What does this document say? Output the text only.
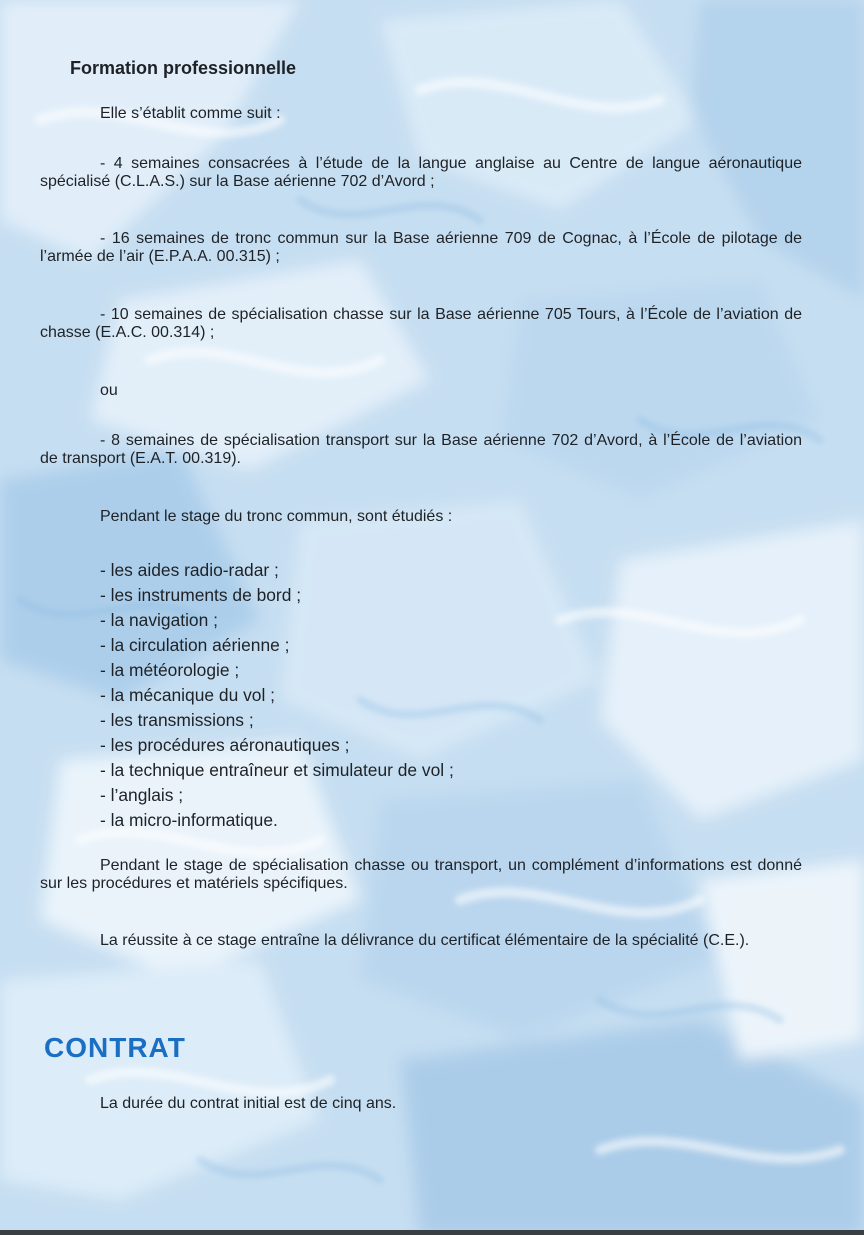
Formation professionnelle

Elle s’établit comme suit :

- 4 semaines consacrées à l’étude de la langue anglaise au Centre de langue aéronautique spécialisé (C.L.A.S.) sur la Base aérienne 702 d’Avord ;

- 16 semaines de tronc commun sur la Base aérienne 709 de Cognac, à l’École de pilotage de l’armée de l’air (E.P.A.A. 00.315) ;

- 10 semaines de spécialisation chasse sur la Base aérienne 705 Tours, à l’École de l’aviation de chasse (E.A.C. 00.314) ;

ou

- 8 semaines de spécialisation transport sur la Base aérienne 702 d’Avord, à l’École de l’aviation de transport (E.A.T. 00.319).

Pendant le stage du tronc commun, sont étudiés :

- les aides radio-radar ;
- les instruments de bord ;
- la navigation ;
- la circulation aérienne ;
- la météorologie ;
- la mécanique du vol ;
- les transmissions ;
- les procédures aéronautiques ;
- la technique entraîneur et simulateur de vol ;
- l’anglais ;
- la micro-informatique.

Pendant le stage de spécialisation chasse ou transport, un complément d’informations est donné sur les procédures et matériels spécifiques.

La réussite à ce stage entraîne la délivrance du certificat élémentaire de la spécialité (C.E.).

CONTRAT

La durée du contrat initial est de cinq ans.
